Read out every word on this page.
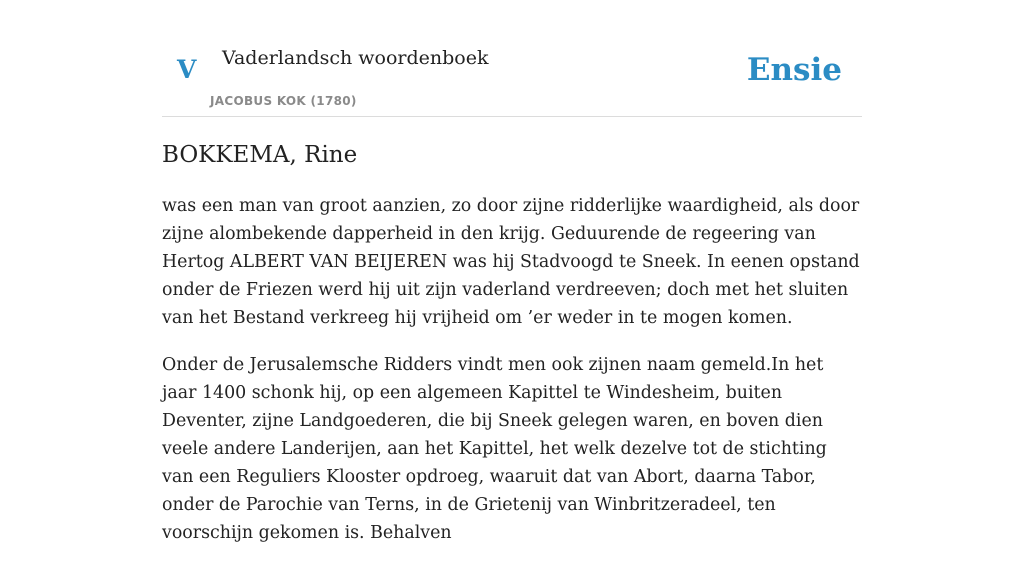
V Vaderlandsch woordenboek
JACOBUS KOK (1780)
Ensie
BOKKEMA, Rine

was een man van groot aanzien, zo door zijne ridderlijke waardigheid, als door zijne alombekende dapperheid in den krijg. Geduurende de regeering van Hertog ALBERT VAN BEIJEREN was hij Stadvoogd te Sneek. In eenen opstand onder de Friezen werd hij uit zijn vaderland verdreeven; doch met het sluiten van het Bestand verkreeg hij vrijheid om ’er weder in te mogen komen.

Onder de Jerusalemsche Ridders vindt men ook zijnen naam gemeld.In het jaar 1400 schonk hij, op een algemeen Kapittel te Windesheim, buiten Deventer, zijne Landgoederen, die bij Sneek gelegen waren, en boven dien veele andere Landerijen, aan het Kapittel, het welk dezelve tot de stichting van een Reguliers Klooster opdroeg, waaruit dat van Abort, daarna Tabor, onder de Parochie van Terns, in de Grietenij van Winbritzeradeel, ten voorschijn gekomen is. Behalven
